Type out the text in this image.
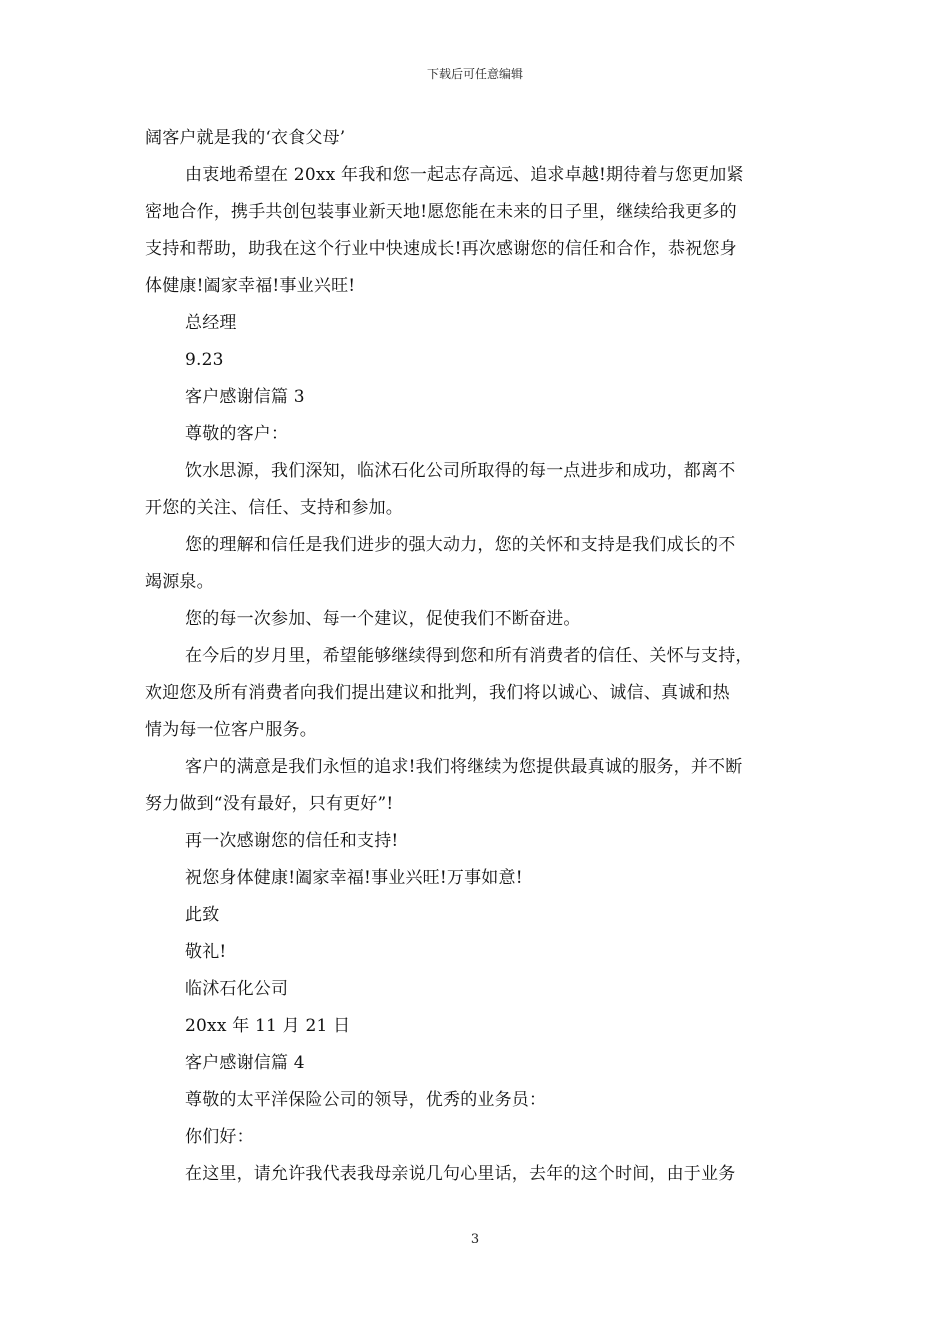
下载后可任意编辑
阔客户就是我的‘衣食父母’
由衷地希望在 20xx 年我和您一起志存高远、追求卓越!期待着与您更加紧
密地合作，携手共创包装事业新天地!愿您能在未来的日子里，继续给我更多的
支持和帮助，助我在这个行业中快速成长!再次感谢您的信任和合作，恭祝您身
体健康!阖家幸福!事业兴旺!
总经理
9.23
客户感谢信篇 3
尊敬的客户：
饮水思源，我们深知，临沭石化公司所取得的每一点进步和成功，都离不
开您的关注、信任、支持和参加。
您的理解和信任是我们进步的强大动力，您的关怀和支持是我们成长的不
竭源泉。
您的每一次参加、每一个建议，促使我们不断奋进。
在今后的岁月里，希望能够继续得到您和所有消费者的信任、关怀与支持，
欢迎您及所有消费者向我们提出建议和批判，我们将以诚心、诚信、真诚和热
情为每一位客户服务。
客户的满意是我们永恒的追求!我们将继续为您提供最真诚的服务，并不断
努力做到“没有最好，只有更好”!
再一次感谢您的信任和支持!
祝您身体健康!阖家幸福!事业兴旺!万事如意!
此致
敬礼!
临沭石化公司
20xx 年 11 月 21 日
客户感谢信篇 4
尊敬的太平洋保险公司的领导，优秀的业务员：
你们好：
在这里，请允许我代表我母亲说几句心里话，去年的这个时间，由于业务
3
